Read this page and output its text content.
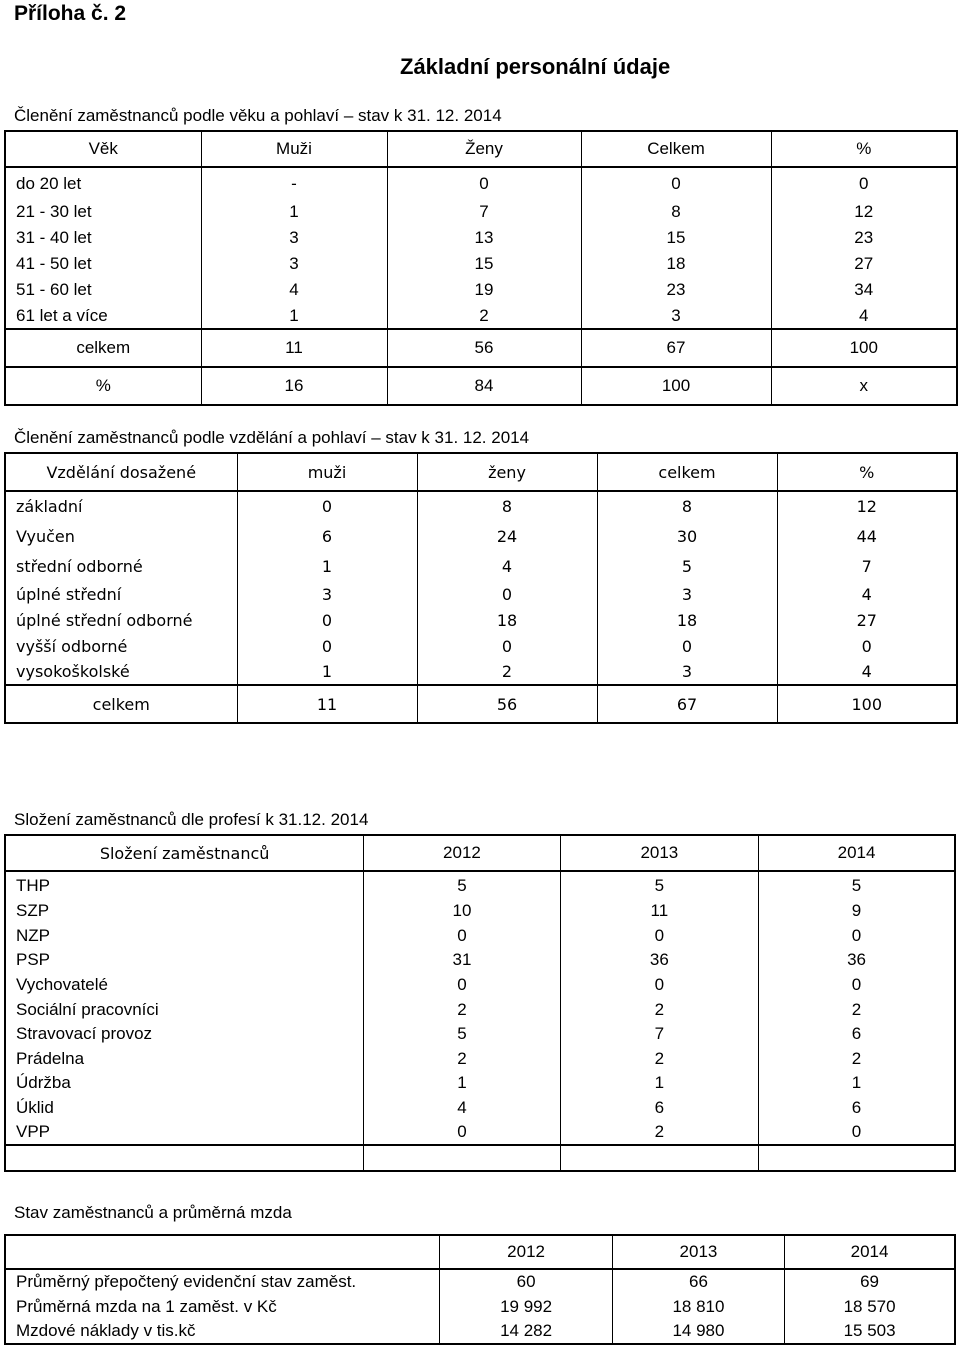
Příloha č. 2
Základní personální údaje
Členění zaměstnanců podle věku a pohlaví – stav k 31. 12. 2014
Věk	Muži	Ženy	Celkem	%
do 20 let	-	0	0	0
21 - 30 let	1	7	8	12
31 - 40 let	3	13	15	23
41 - 50 let	3	15	18	27
51 - 60 let	4	19	23	34
61 let a více	1	2	3	4
celkem	11	56	67	100
%	16	84	100	x
Členění zaměstnanců podle vzdělání a pohlaví – stav k 31. 12. 2014
Vzdělání dosažené	muži	ženy	celkem	%
základní	0	8	8	12
Vyučen	6	24	30	44
střední odborné	1	4	5	7
úplné střední	3	0	3	4
úplné střední odborné	0	18	18	27
vyšší odborné	0	0	0	0
vysokoškolské	1	2	3	4
celkem	11	56	67	100
Složení zaměstnanců dle profesí k 31.12. 2014
Složení zaměstnanců	2012	2013	2014
THP	5	5	5
SZP	10	11	9
NZP	0	0	0
PSP	31	36	36
Vychovatelé	0	0	0
Sociální pracovníci	2	2	2
Stravovací provoz	5	7	6
Prádelna	2	2	2
Údržba	1	1	1
Úklid	4	6	6
VPP	0	2	0

Stav zaměstnanců a průměrná mzda
	2012	2013	2014
Průměrný přepočtený evidenční stav zaměst.	60	66	69
Průměrná mzda na 1 zaměst. v Kč	19 992	18 810	18 570
Mzdové náklady v tis.kč	14 282	14 980	15 503
